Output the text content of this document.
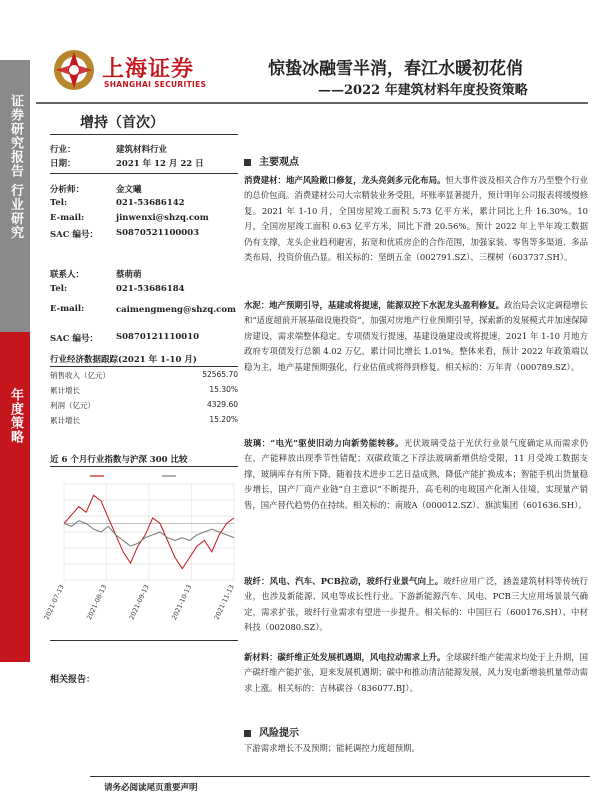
证券研究报告 行业研究
年度策略
上海证券
SHANGHAI SECURITIES
惊蛰冰融雪半消，春江水暖初花俏
——2022 年建筑材料年度投资策略
增持（首次）
行业：	建筑材料行业
日期：	2021 年 12 月 22 日
分析师：	金文曦
Tel:	021-53686142
E-mail:	jinwenxi@shzq.com
SAC 编号： S0870521100003
联系人：	蔡萌萌
Tel:	021-53686184
E-mail:	caimengmeng@shzq.com
SAC 编号： S0870121110010
行业经济数据跟踪(2021 年 1-10 月)
销售收入（亿元）	52565.70
累计增长	15.30%
利润（亿元）	4329.60
累计增长	15.20%
近 6 个月行业指数与沪深 300 比较
2021-07-13	2021-08-13	2021-09-13	2021-10-13	2021-11-13
相关报告：
主要观点
消费建材：地产风险敞口修复，龙头亮剑多元化布局。恒大事件波及相关合作方乃至整个行业的总价包商。消费建材公司大宗精装业务受阻，坏账率显著提升，预计明年公司报表将缓慢修复。2021 年 1-10 月，全国房屋竣工面积 5.73 亿平方米，累计同比上升 16.30%。10 月，全国房屋竣工面积 0.63 亿平方米，同比下滑 20.56%。预计 2022 年上半年竣工数据仍有支撑，龙头企业趋利避害，拓宽和优质房企的合作范围，加强家装、零售等多渠道、多品类布局，投资价值凸显。相关标的：坚朗五金（002791.SZ）、三棵树（603737.SH）。
水泥：地产预期引导，基建或将提速，能源双控下水泥龙头盈利修复。政治局会议定调稳增长和“适度超前开展基础设施投资”，加强对房地产行业预期引导，探索新的发展模式并加速保障房建设，需求端整体稳定。专项债发行提速，基建设施建设或将提速，2021 年 1-10 月地方政府专项债发行总额 4.02 万亿，累计同比增长 1.01%。整体来看，预计 2022 年政策端以稳为主，地产基建预期强化，行业估值或将得到修复。相关标的：万年青（000789.SZ）。
玻璃：“电光”驱使旧动力向新势能转移。光伏玻璃受益于光伏行业景气度确定从而需求仍在，产能释放出现季节性错配；双碳政策之下浮法玻璃新增供给受限，11 月受竣工数据支撑，玻璃库存有所下降，随着技术进步工艺日益成熟，降低产能扩换成本；智能手机出货量稳步增长，国产厂商产业链“自主意识”不断提升，高毛利的电玻国产化渐入佳境，实现量产销售，国产替代趋势仍在持续。相关标的：南玻A（000012.SZ）、旗滨集团（601636.SH）。
玻纤：风电、汽车、PCB拉动，玻纤行业景气向上。玻纤应用广泛，涵盖建筑材料等传统行业，也涉及新能源、风电等成长性行业。下游新能源汽车、风电、PCB三大应用场景景气确定，需求扩张，玻纤行业需求有望进一步提升。相关标的：中国巨石（600176.SH）、中材科技（002080.SZ）。
新材料：碳纤维正处发展机遇期，风电拉动需求上升。全球碳纤维产能需求均处于上升期，国产碳纤维产能扩张，迎来发展机遇期；碳中和推动清洁能源发展，风力发电新增装机量带动需求上涨。相关标的：吉林碳谷（836077.BJ）。
风险提示
下游需求增长不及预期；能耗调控力度超预期。
请务必阅读尾页重要声明
